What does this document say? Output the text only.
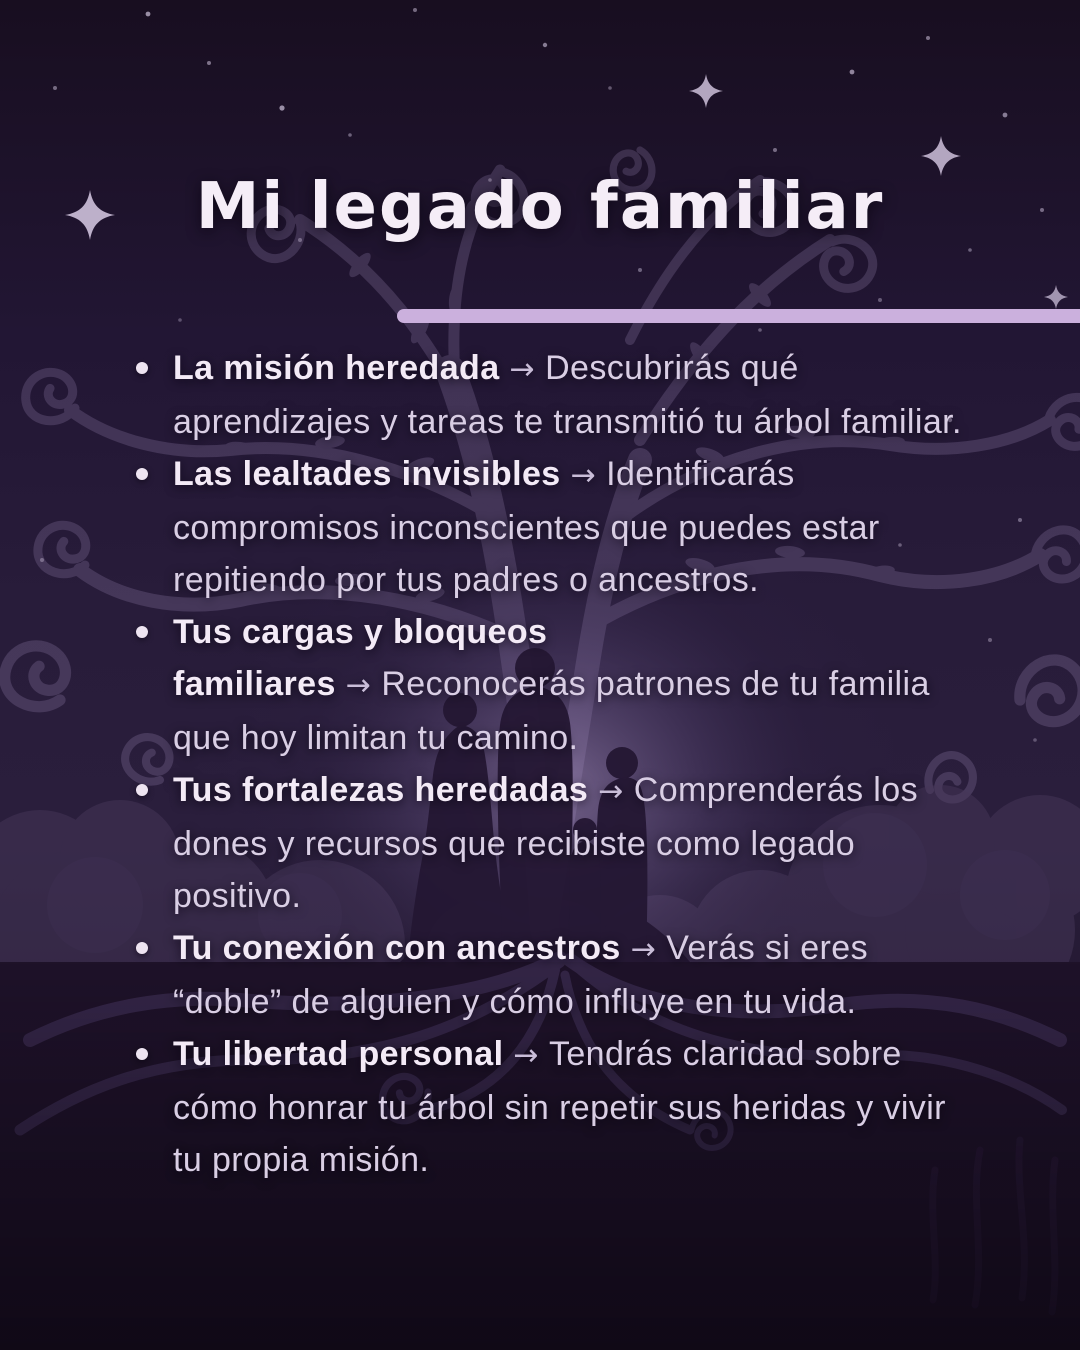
Mi legado familiar

La misión heredada → Descubrirás qué aprendizajes y tareas te transmitió tu árbol familiar.

Las lealtades invisibles → Identificarás compromisos inconscientes que puedes estar repitiendo por tus padres o ancestros.

Tus cargas y bloqueos familiares → Reconocerás patrones de tu familia que hoy limitan tu camino.

Tus fortalezas heredadas → Comprenderás los dones y recursos que recibiste como legado positivo.

Tu conexión con ancestros → Verás si eres “doble” de alguien y cómo influye en tu vida.

Tu libertad personal → Tendrás claridad sobre cómo honrar tu árbol sin repetir sus heridas y vivir tu propia misión.
